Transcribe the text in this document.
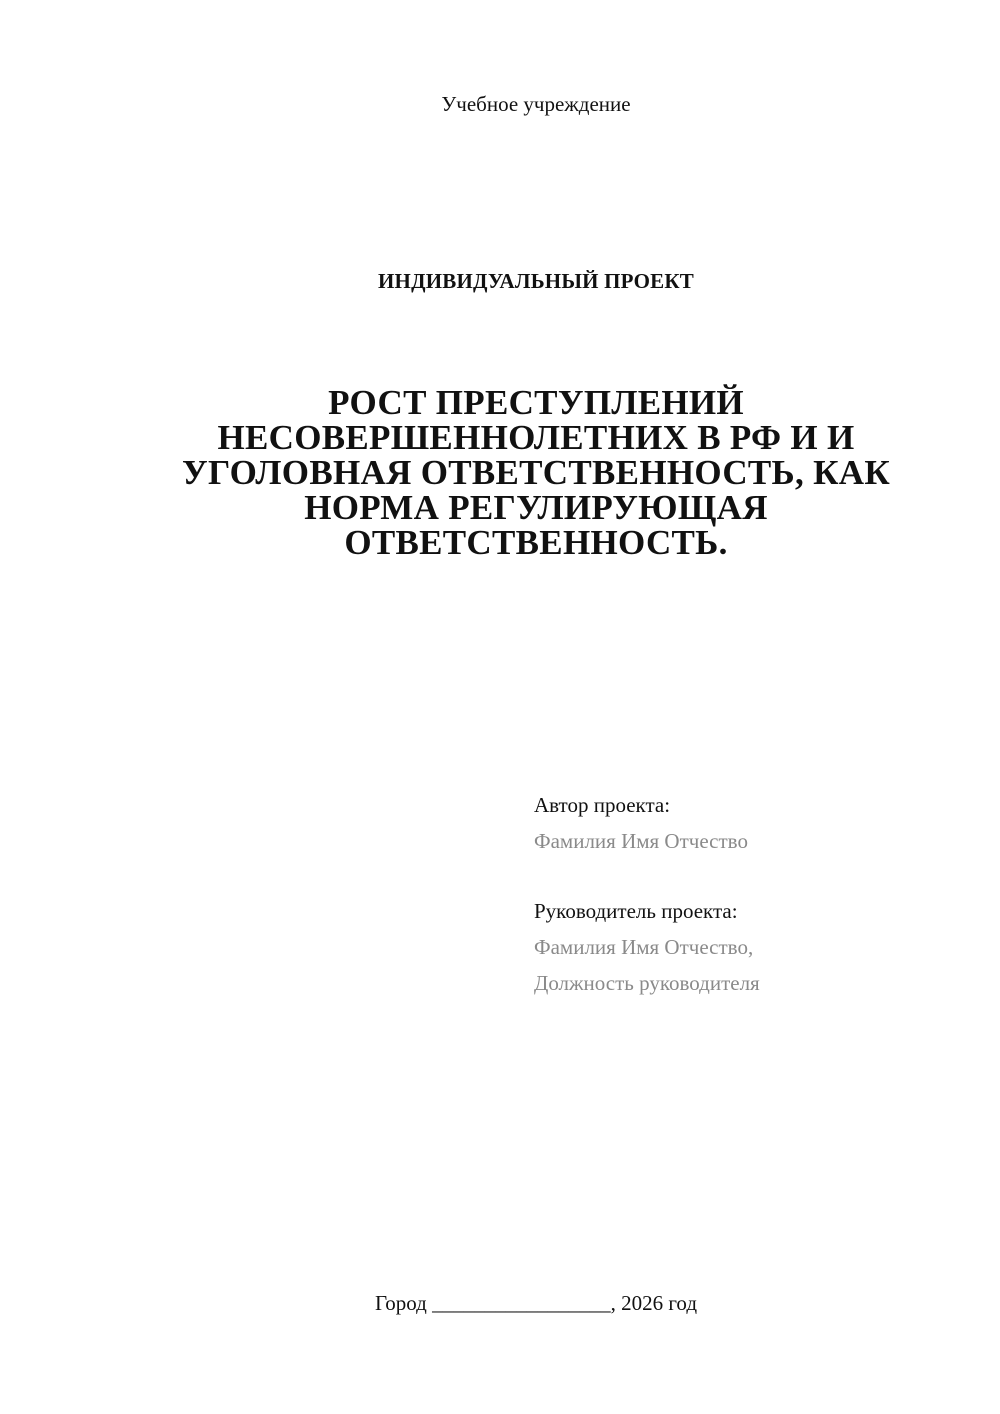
Учебное учреждение
ИНДИВИДУАЛЬНЫЙ ПРОЕКТ
РОСТ ПРЕСТУПЛЕНИЙ
НЕСОВЕРШЕННОЛЕТНИХ В РФ И И
УГОЛОВНАЯ ОТВЕТСТВЕННОСТЬ, КАК
НОРМА РЕГУЛИРУЮЩАЯ
ОТВЕТСТВЕННОСТЬ.
Автор проекта:
Фамилия Имя Отчество
Руководитель проекта:
Фамилия Имя Отчество,
Должность руководителя
Город _________________, 2026 год
